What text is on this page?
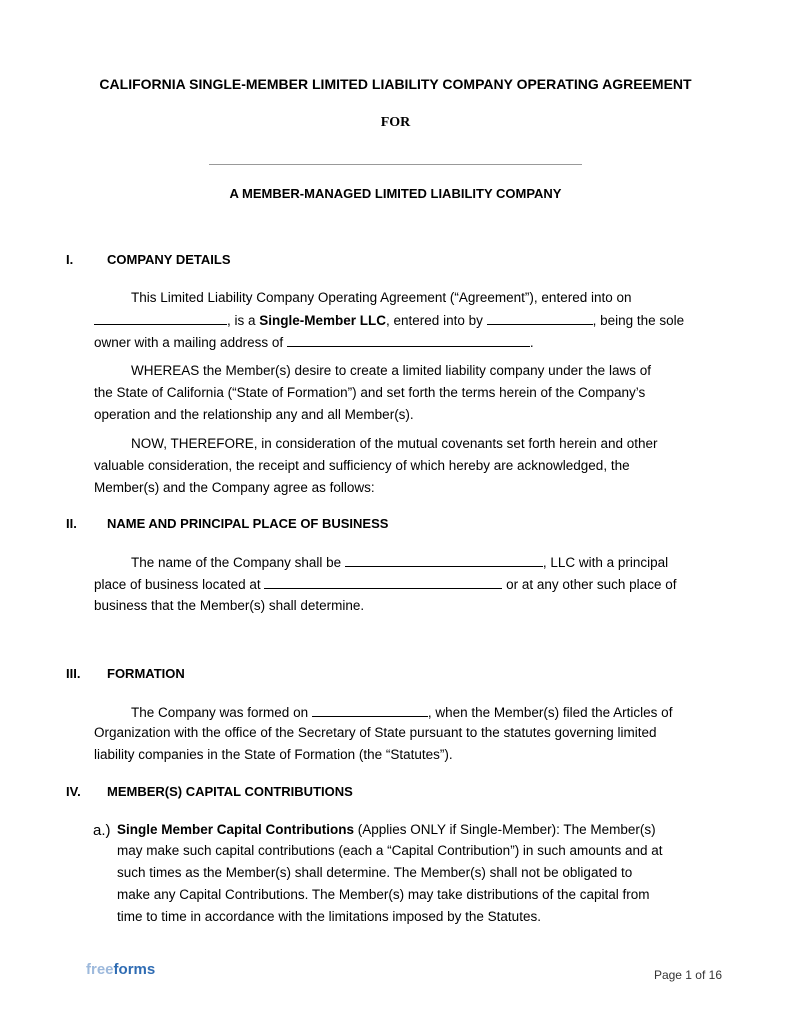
CALIFORNIA SINGLE-MEMBER LIMITED LIABILITY COMPANY OPERATING AGREEMENT
FOR
A MEMBER-MANAGED LIMITED LIABILITY COMPANY
I.	COMPANY DETAILS
This Limited Liability Company Operating Agreement (“Agreement”), entered into on
, is a Single-Member LLC, entered into by	, being the sole
owner with a mailing address of	.
WHEREAS the Member(s) desire to create a limited liability company under the laws of
the State of California (“State of Formation”) and set forth the terms herein of the Company’s
operation and the relationship any and all Member(s).
NOW, THEREFORE, in consideration of the mutual covenants set forth herein and other
valuable consideration, the receipt and sufficiency of which hereby are acknowledged, the
Member(s) and the Company agree as follows:
II.	NAME AND PRINCIPAL PLACE OF BUSINESS
The name of the Company shall be	, LLC with a principal
place of business located at	or at any other such place of
business that the Member(s) shall determine.
III.	FORMATION
The Company was formed on	, when the Member(s) filed the Articles of
Organization with the office of the Secretary of State pursuant to the statutes governing limited
liability companies in the State of Formation (the “Statutes”).
IV.	MEMBER(S) CAPITAL CONTRIBUTIONS
a.) Single Member Capital Contributions (Applies ONLY if Single-Member): The Member(s)
may make such capital contributions (each a “Capital Contribution”) in such amounts and at
such times as the Member(s) shall determine. The Member(s) shall not be obligated to
make any Capital Contributions. The Member(s) may take distributions of the capital from
time to time in accordance with the limitations imposed by the Statutes.
freeforms	Page 1 of 16
